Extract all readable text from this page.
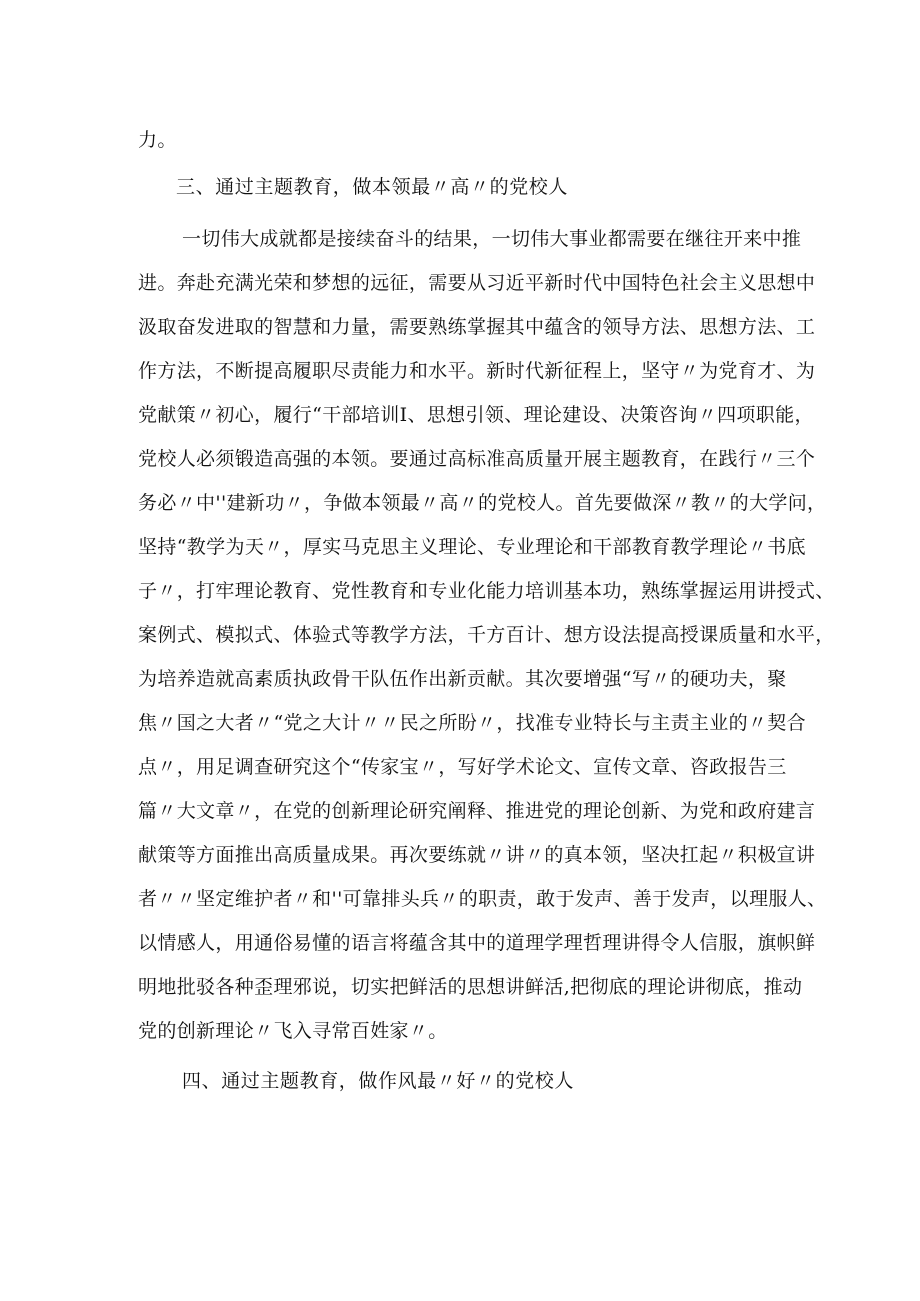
力。
三、通过主题教育，做本领最〃高〃的党校人
一切伟大成就都是接续奋斗的结果，一切伟大事业都需要在继往开来中推
进。奔赴充满光荣和梦想的远征，需要从习近平新时代中国特色社会主义思想中
汲取奋发进取的智慧和力量，需要熟练掌握其中蕴含的领导方法、思想方法、工
作方法，不断提高履职尽责能力和水平。新时代新征程上，坚守〃为党育才、为
党献策〃初心，履行“干部培训I、思想引领、理论建设、决策咨询〃四项职能，
党校人必须锻造高强的本领。要通过高标准高质量开展主题教育，在践行〃三个
务必〃中''建新功〃，争做本领最〃高〃的党校人。首先要做深〃教〃的大学问，
坚持“教学为天〃，厚实马克思主义理论、专业理论和干部教育教学理论〃书底
子〃，打牢理论教育、党性教育和专业化能力培训基本功，熟练掌握运用讲授式、
案例式、模拟式、体验式等教学方法，千方百计、想方设法提高授课质量和水平，
为培养造就高素质执政骨干队伍作出新贡献。其次要增强“写〃的硬功夫，聚
焦〃国之大者〃“党之大计〃〃民之所盼〃，找准专业特长与主责主业的〃契合
点〃，用足调查研究这个“传家宝〃，写好学术论文、宣传文章、咨政报告三
篇〃大文章〃，在党的创新理论研究阐释、推进党的理论创新、为党和政府建言
献策等方面推出高质量成果。再次要练就〃讲〃的真本领，坚决扛起〃积极宣讲
者〃〃坚定维护者〃和''可靠排头兵〃的职责，敢于发声、善于发声，以理服人、
以情感人，用通俗易懂的语言将蕴含其中的道理学理哲理讲得令人信服，旗帜鲜
明地批驳各种歪理邪说，切实把鲜活的思想讲鲜活,把彻底的理论讲彻底，推动
党的创新理论〃飞入寻常百姓家〃。
四、通过主题教育，做作风最〃好〃的党校人
